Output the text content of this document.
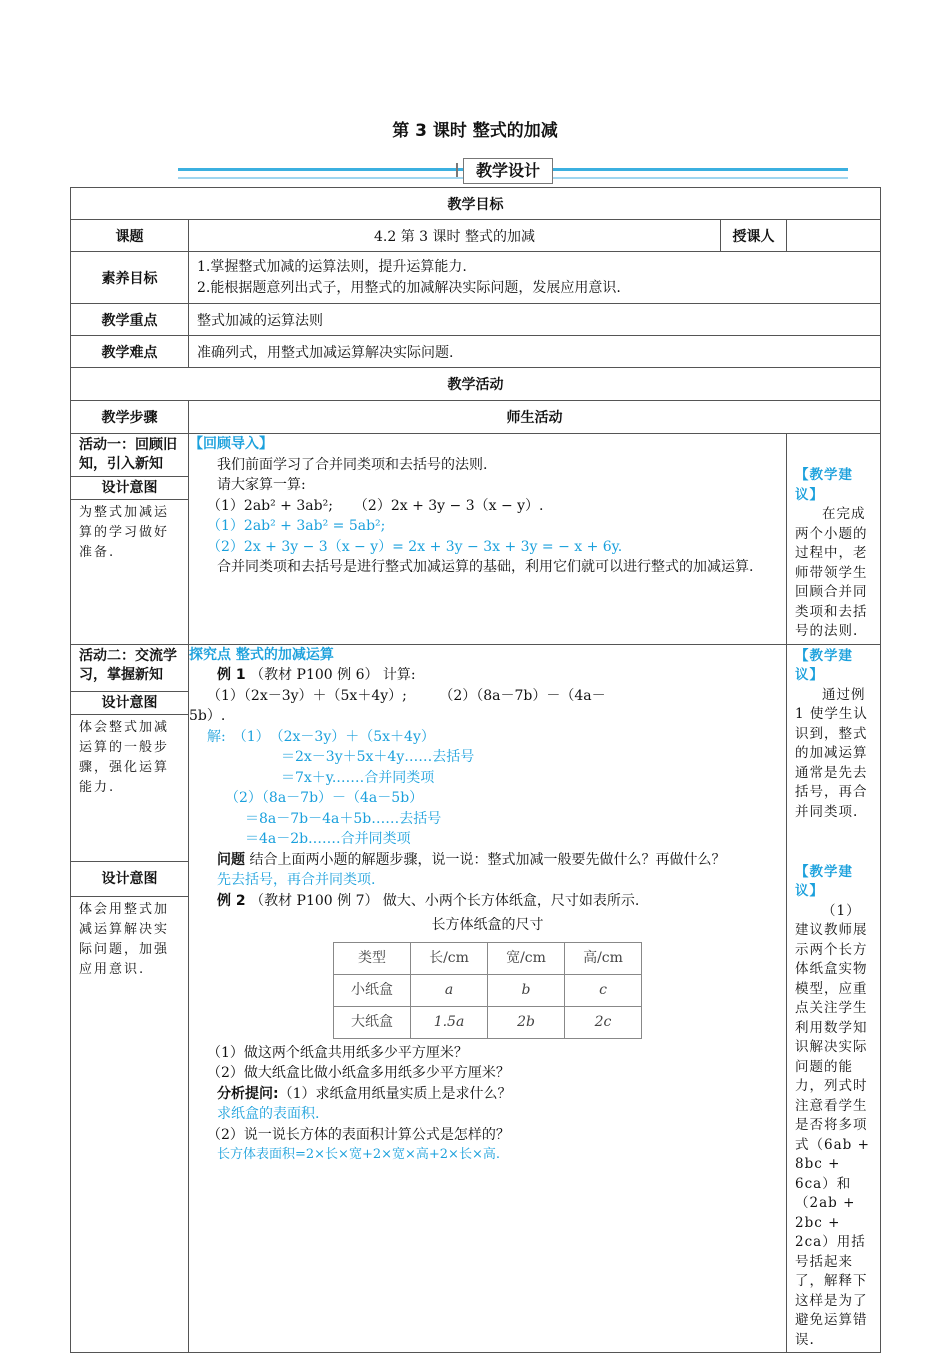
第 3 课时 整式的加减
教学设计
教学目标
课题	4.2 第 3 课时 整式的加减	授课人	
素养目标	
1.掌握整式加减的运算法则，提升运算能力.
2.能根据题意列出式子，用整式的加减解决实际问题，发展应用意识.

教学重点	整式加减的运算法则
教学难点	准确列式，用整式加减运算解决实际问题.
教学活动
教学步骤	师生活动

活动一：回顾旧知，引入新知
设计意图
为整式加减运算的学习做好准备.

【回顾导入】
我们前面学习了合并同类项和去括号的法则.
请大家算一算:
（1）2ab² + 3ab²;　　（2）2x + 3y − 3（x − y）.
（1）2ab² + 3ab² = 5ab²;
（2）2x + 3y − 3（x − y）= 2x + 3y − 3x + 3y = − x + 6y.
合并同类项和去括号是进行整式加减运算的基础，利用它们就可以进行整式的加减运算.

【教学建议】
在完成两个小题的过程中，老师带领学生回顾合并同类项和去括号的法则.

活动二：交流学习，掌握新知
设计意图
体会整式加减运算的一般步骤，强化运算能力.
设计意图
体会用整式加减运算解决实际问题，加强应用意识.

探究点 整式的加减运算
例 1 （教材 P100 例 6） 计算:
（1）（2x－3y）＋（5x＋4y）;　　 （2）（8a－7b）－（4a－
5b）.
解:　 （1）　（2x－3y）＋（5x＋4y）
＝2x－3y＋5x＋4y……去括号
＝7x＋y.……合并同类项
（2）（8a－7b）－（4a－5b）
＝8a－7b－4a＋5b……去括号
＝4a－2b.……合并同类项
问题 结合上面两小题的解题步骤，说一说：整式加减一般要先做什么？再做什么？
先去括号，再合并同类项.
例 2 （教材 P100 例 7） 做大、小两个长方体纸盒，尺寸如表所示.
长方体纸盒的尺寸
类型	长/cm	宽/cm	高/cm
小纸盒	a	b	c
大纸盒	1.5a	2b	2c
（1）做这两个纸盒共用纸多少平方厘米？
（2）做大纸盒比做小纸盒多用纸多少平方厘米？
分析提问:（1）求纸盒用纸量实质上是求什么？
求纸盒的表面积.
（2）说一说长方体的表面积计算公式是怎样的？
长方体表面积=2×长×宽+2×宽×高+2×长×高.

【教学建议】
通过例 1 使学生认识到，整式的加减运算通常是先去括号，再合并同类项.
【教学建议】
（1）建议教师展示两个长方体纸盒实物模型，应重点关注学生利用数学知识解决实际问题的能力，列式时注意看学生是否将多项式（6ab + 8bc + 6ca）和（2ab + 2bc + 2ca）用括号括起来了，解释下这样是为了避免运算错误.
